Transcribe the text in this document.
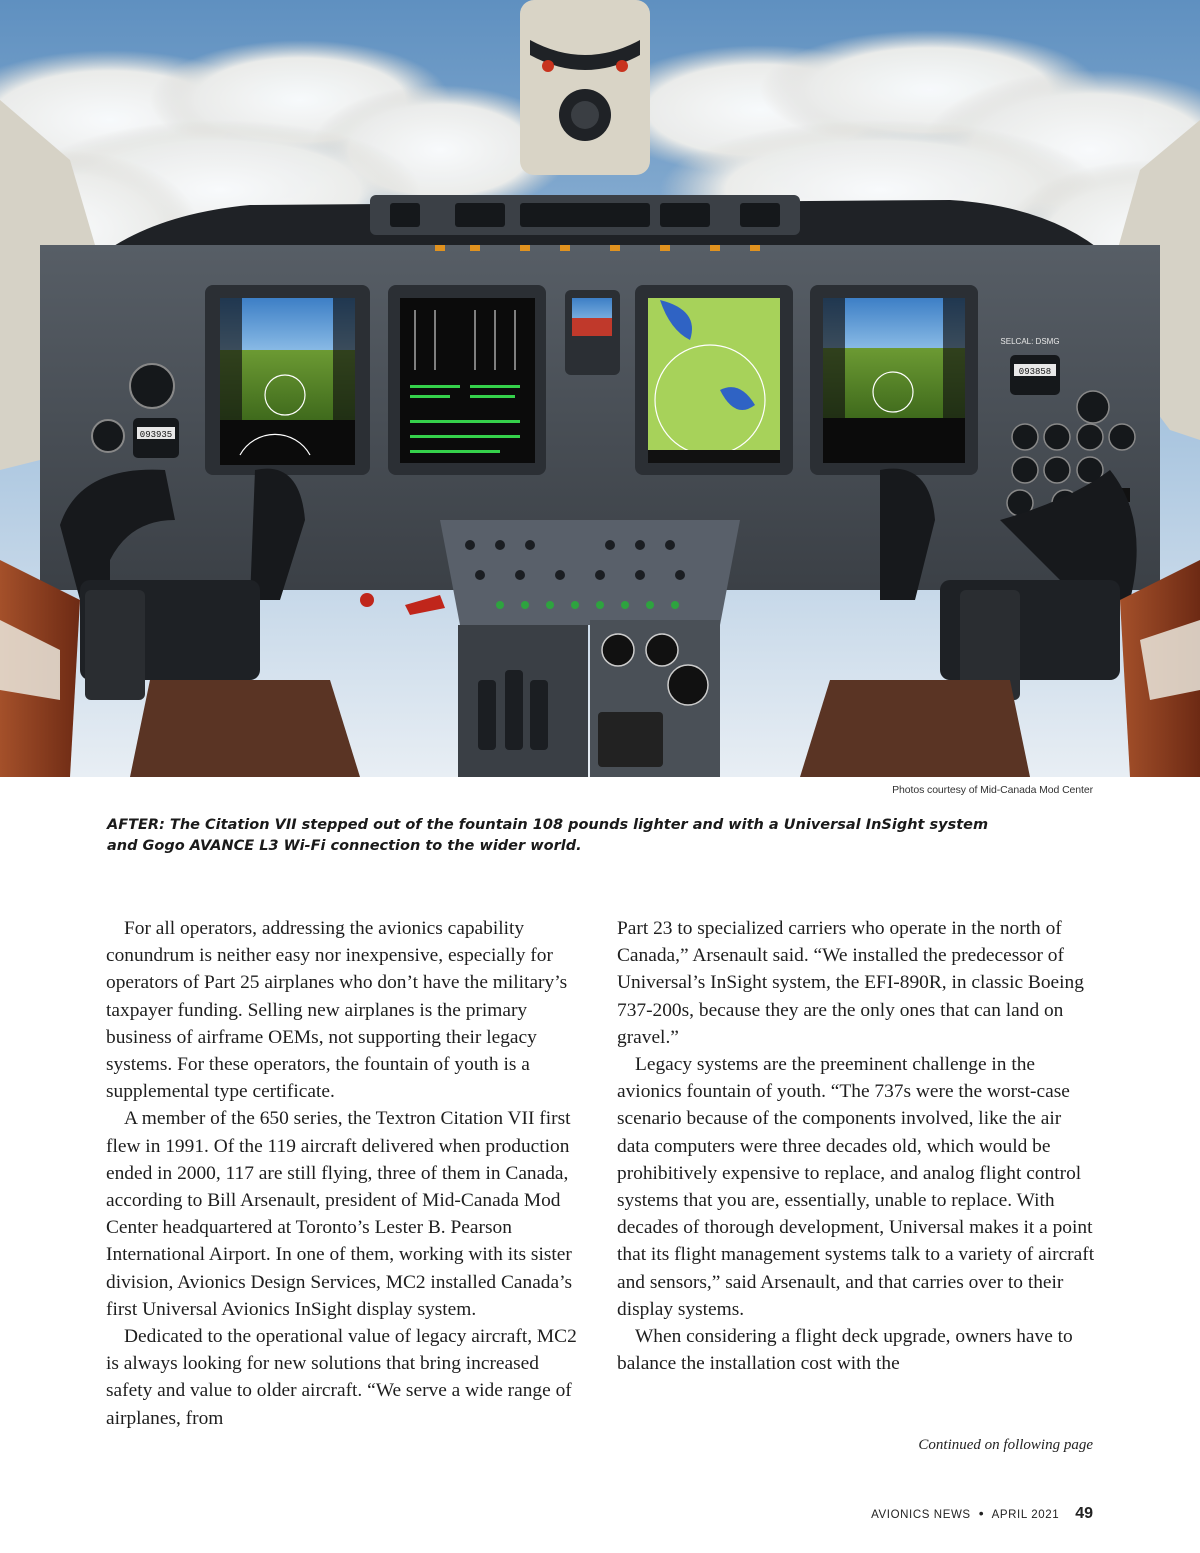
093935
093858
SELCAL: DSMG
Photos courtesy of Mid-Canada Mod Center
AFTER: The Citation VII stepped out of the fountain 108 pounds lighter and with a Universal InSight system and Gogo AVANCE L3 Wi-Fi connection to the wider world.

For all operators, addressing the avionics capability conundrum is neither easy nor inexpensive, especially for operators of Part 25 airplanes who don’t have the military’s taxpayer funding. Selling new airplanes is the primary business of airframe OEMs, not supporting their legacy systems. For these operators, the fountain of youth is a supplemental type certificate.

A member of the 650 series, the Textron Citation VII first flew in 1991. Of the 119 aircraft delivered when production ended in 2000, 117 are still flying, three of them in Canada, according to Bill Arsenault, president of Mid-Canada Mod Center headquartered at Toronto’s Lester B. Pearson International Airport. In one of them, working with its sister division, Avionics Design Services, MC2 installed Canada’s first Universal Avionics InSight display system.

Dedicated to the operational value of legacy aircraft, MC2 is always looking for new solutions that bring increased safety and value to older aircraft. “We serve a wide range of airplanes, from

Part 23 to specialized carriers who operate in the north of Canada,” Arsenault said. “We installed the predecessor of Universal’s InSight system, the EFI-890R, in classic Boeing 737-200s, because they are the only ones that can land on gravel.”

Legacy systems are the preeminent challenge in the avionics fountain of youth. “The 737s were the worst-case scenario because of the components involved, like the air data computers were three decades old, which would be prohibitively expensive to replace, and analog flight control systems that you are, essentially, unable to replace. With decades of thorough development, Universal makes it a point that its flight management systems talk to a variety of aircraft and sensors,” said Arsenault, and that carries over to their display systems.

When considering a flight deck upgrade, owners have to balance the installation cost with the

Continued on following page
AVIONICS NEWS • APRIL 2021 49
